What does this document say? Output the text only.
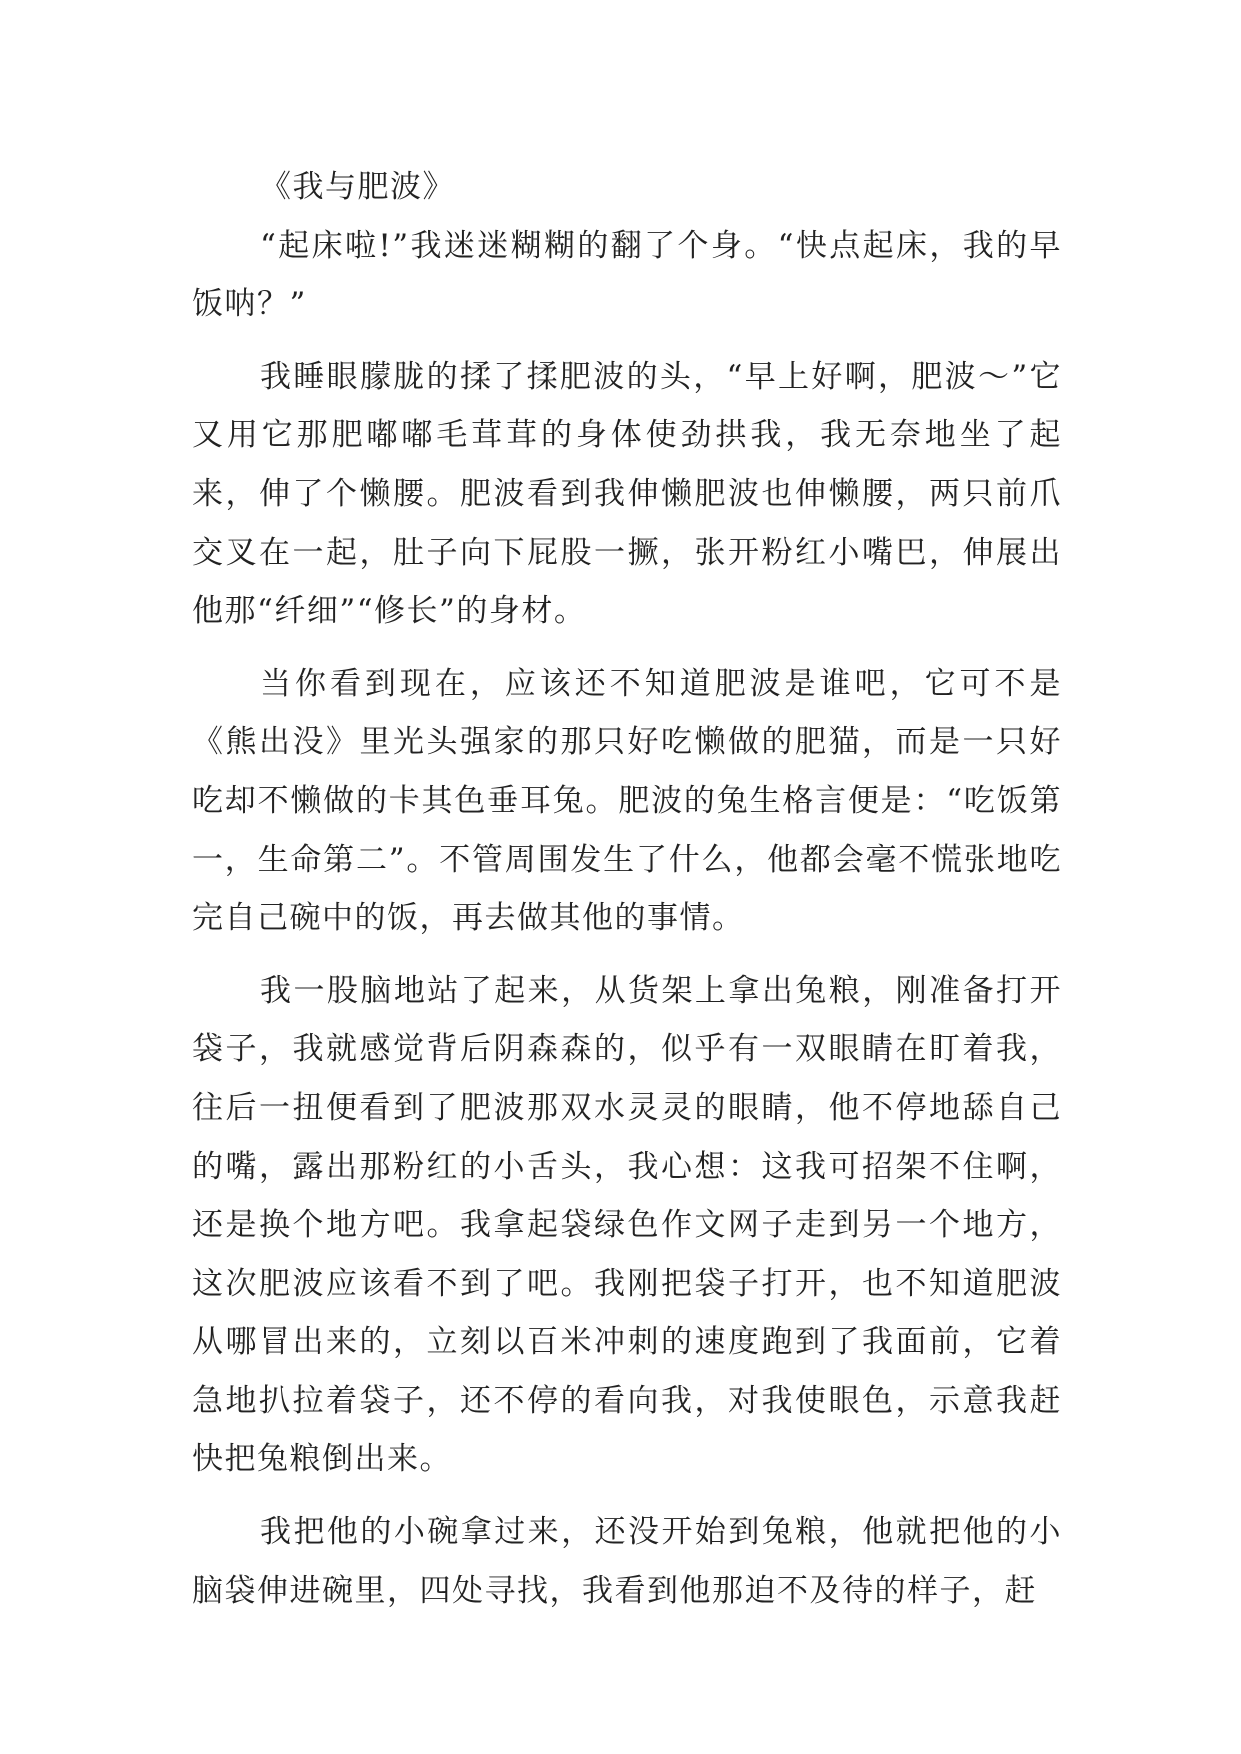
《我与肥波》

“起床啦!”我迷迷糊糊的翻了个身。“快点起床，我的早饭呐？”

我睡眼朦胧的揉了揉肥波的头，“早上好啊，肥波～”它又用它那肥嘟嘟毛茸茸的身体使劲拱我，我无奈地坐了起来，伸了个懒腰。肥波看到我伸懒肥波也伸懒腰，两只前爪交叉在一起，肚子向下屁股一撅，张开粉红小嘴巴，伸展出他那“纤细”“修长”的身材。

当你看到现在，应该还不知道肥波是谁吧，它可不是《熊出没》里光头强家的那只好吃懒做的肥猫，而是一只好吃却不懒做的卡其色垂耳兔。肥波的兔生格言便是：“吃饭第一，生命第二”。不管周围发生了什么，他都会毫不慌张地吃完自己碗中的饭，再去做其他的事情。

我一股脑地站了起来，从货架上拿出兔粮，刚准备打开袋子，我就感觉背后阴森森的，似乎有一双眼睛在盯着我，往后一扭便看到了肥波那双水灵灵的眼睛，他不停地舔自己的嘴，露出那粉红的小舌头，我心想：这我可招架不住啊，还是换个地方吧。我拿起袋绿色作文网子走到另一个地方，这次肥波应该看不到了吧。我刚把袋子打开，也不知道肥波从哪冒出来的，立刻以百米冲刺的速度跑到了我面前，它着急地扒拉着袋子，还不停的看向我，对我使眼色，示意我赶快把兔粮倒出来。

我把他的小碗拿过来，还没开始到兔粮，他就把他的小脑袋伸进碗里，四处寻找，我看到他那迫不及待的样子，赶
